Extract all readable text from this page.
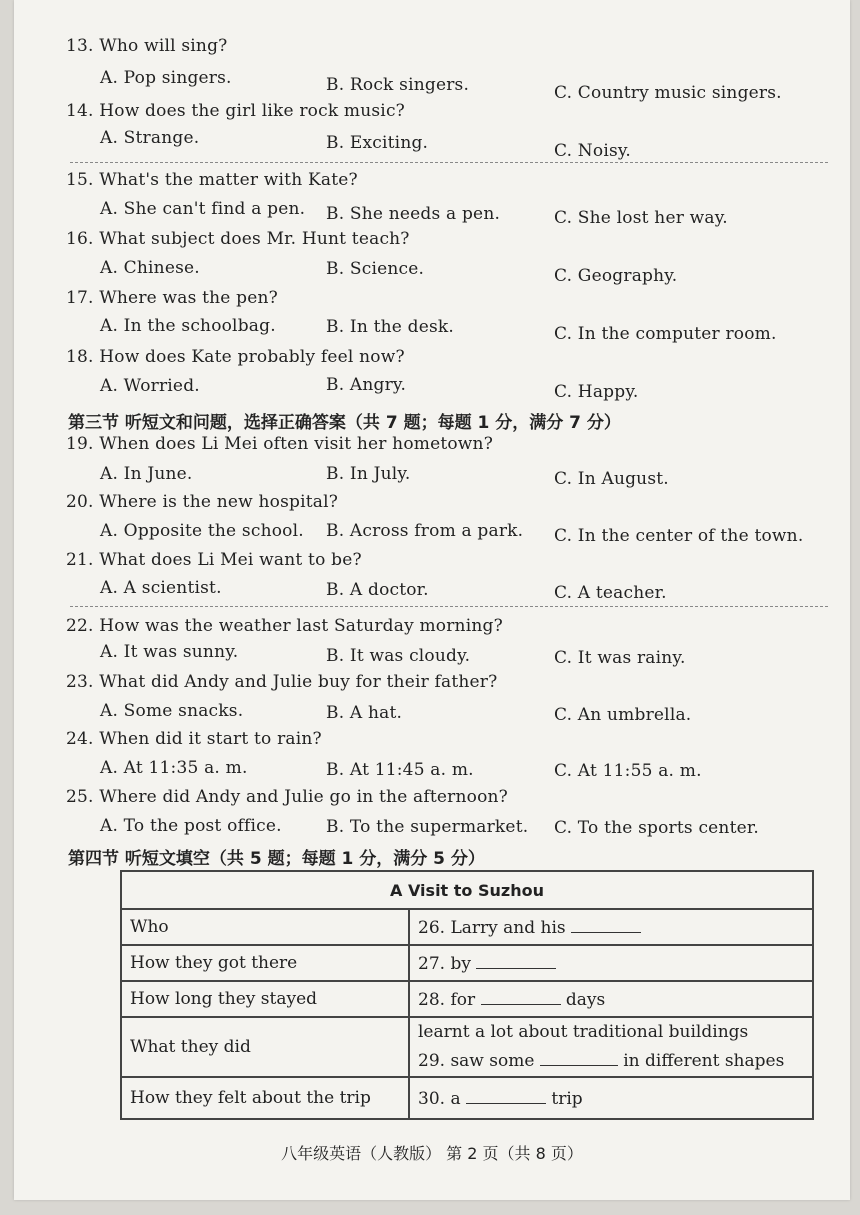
13. Who will sing?
A. Pop singers.	B. Rock singers.	C. Country music singers.
14. How does the girl like rock music?
A. Strange.	B. Exciting.	C. Noisy.
15. What's the matter with Kate?
A. She can't find a pen. B. She needs a pen.	C. She lost her way.
16. What subject does Mr. Hunt teach?
A. Chinese.	B. Science.	C. Geography.
17. Where was the pen?
A. In the schoolbag.	B. In the desk.	C. In the computer room.
18. How does Kate probably feel now?
A. Worried.	B. Angry.	C. Happy.
第三节 听短文和问题，选择正确答案（共 7 题；每题 1 分，满分 7 分）
19. When does Li Mei often visit her hometown?
A. In June.	B. In July.	C. In August.
20. Where is the new hospital?
A. Opposite the school. B. Across from a park. C. In the center of the town.
21. What does Li Mei want to be?
A. A scientist.	B. A doctor.	C. A teacher.
22. How was the weather last Saturday morning?
A. It was sunny.	B. It was cloudy.	C. It was rainy.
23. What did Andy and Julie buy for their father?
A. Some snacks.	B. A hat.	C. An umbrella.
24. When did it start to rain?
A. At 11:35 a. m.	B. At 11:45 a. m.	C. At 11:55 a. m.
25. Where did Andy and Julie go in the afternoon?
A. To the post office.	B. To the supermarket. C. To the sports center.
第四节 听短文填空（共 5 题；每题 1 分，满分 5 分）
A Visit to Suzhou	
Who	26. Larry and his
How they got there	27. by
How long they stayed	28. for days
What they did	learnt a lot about traditional buildings
29. saw some in different shapes

How they felt about the trip	30. a trip
八年级英语（人教版） 第 2 页（共 8 页）
